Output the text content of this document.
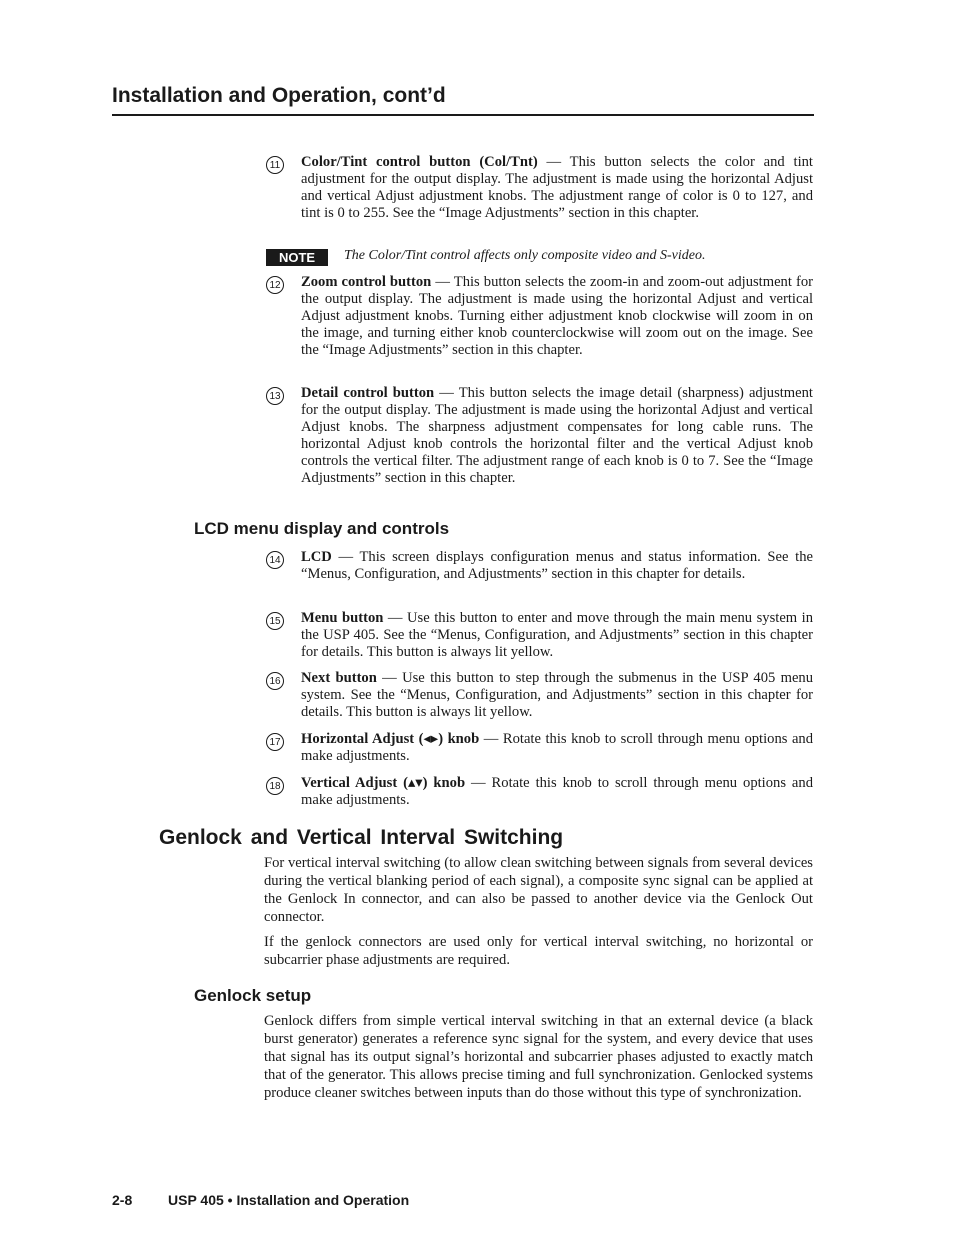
Installation and Operation, cont’d
11 Color/Tint control button (Col/Tnt) — This button selects the color and tint adjustment for the output display. The adjustment is made using the horizontal Adjust and vertical Adjust adjustment knobs. The adjustment range of color is 0 to 127, and tint is 0 to 255. See the “Image Adjustments” section in this chapter.

NOTE	The Color/Tint control affects only composite video and S-video.

12 Zoom control button — This button selects the zoom-in and zoom-out adjustment for the output display. The adjustment is made using the horizontal Adjust and vertical Adjust adjustment knobs. Turning either adjustment knob clockwise will zoom in on the image, and turning either knob counterclockwise will zoom out on the image. See the “Image Adjustments” section in this chapter.

13 Detail control button — This button selects the image detail (sharpness) adjustment for the output display. The adjustment is made using the horizontal Adjust and vertical Adjust knobs. The sharpness adjustment compensates for long cable runs. The horizontal Adjust knob controls the horizontal filter and the vertical Adjust knob controls the vertical filter. The adjustment range of each knob is 0 to 7. See the “Image Adjustments” section in this chapter.

LCD menu display and controls
14 LCD — This screen displays configuration menus and status information. See the “Menus, Configuration, and Adjustments” section in this chapter for details.

15 Menu button — Use this button to enter and move through the main menu system in the USP 405. See the “Menus, Configuration, and Adjustments” section in this chapter for details. This button is always lit yellow.

16 Next button — Use this button to step through the submenus in the USP 405 menu system. See the “Menus, Configuration, and Adjustments” section in this chapter for details. This button is always lit yellow.

17 Horizontal Adjust (◂▸) knob — Rotate this knob to scroll through menu options and make adjustments.

18 Vertical Adjust (▴▾) knob — Rotate this knob to scroll through menu options and make adjustments.

Genlock and Vertical Interval Switching

For vertical interval switching (to allow clean switching between signals from several devices during the vertical blanking period of each signal), a composite sync signal can be applied at the Genlock In connector, and can also be passed to another device via the Genlock Out connector.

If the genlock connectors are used only for vertical interval switching, no horizontal or subcarrier phase adjustments are required.

Genlock setup

Genlock differs from simple vertical interval switching in that an external device (a black burst generator) generates a reference sync signal for the system, and every device that uses that signal has its output signal’s horizontal and subcarrier phases adjusted to exactly match that of the generator. This allows precise timing and full synchronization. Genlocked systems produce cleaner switches between inputs than do those without this type of synchronization.

2-8	USP 405 • Installation and Operation
